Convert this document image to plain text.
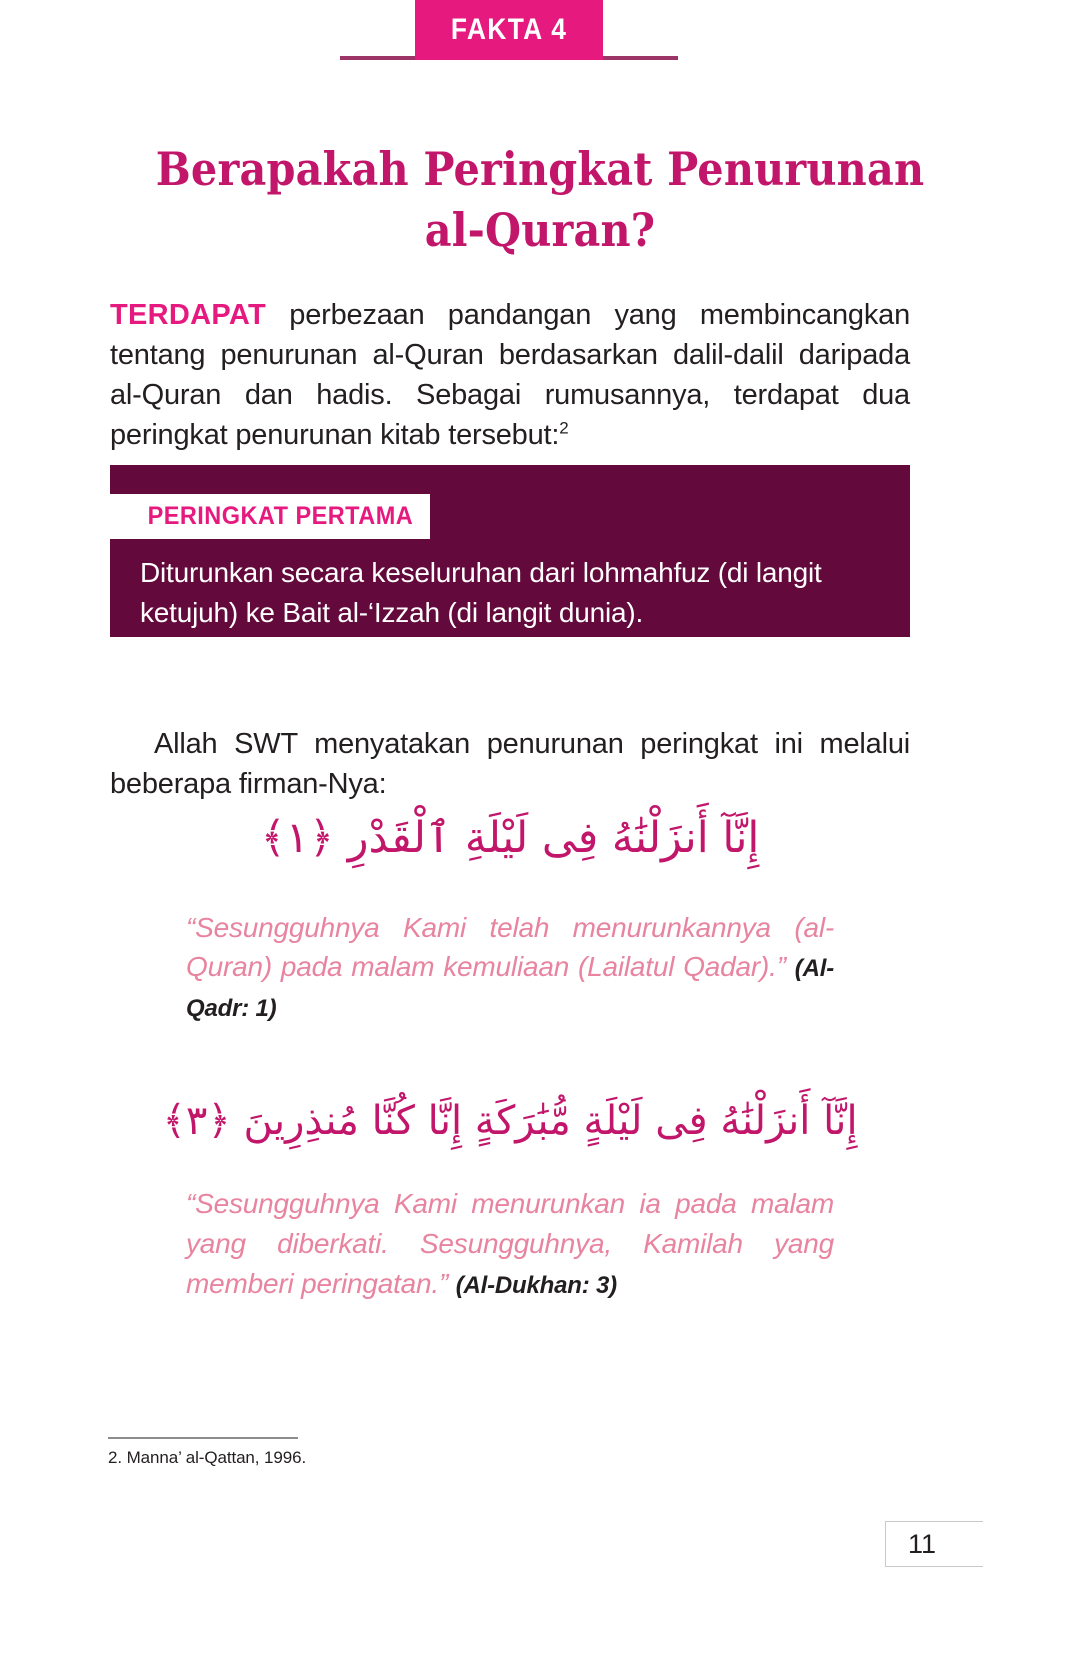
FAKTA 4
Berapakah Peringkat Penurunan
al-Quran?

TERDAPAT perbezaan pandangan yang membincangkan tentang penurunan al-Quran berdasarkan dalil-dalil daripada al-Quran dan hadis. Sebagai rumusannya, terdapat dua peringkat penurunan kitab tersebut:$^2$

PERINGKAT PERTAMA
Diturunkan secara keseluruhan dari lohmahfuz (di langit ketujuh) ke Bait al-‘Izzah (di langit dunia).

Allah SWT menyatakan penurunan peringkat ini melalui beberapa firman-Nya:

إِنَّآ أَنزَلْنَٰهُ فِى لَيْلَةِ ٱلْقَدْرِ ﴿١﴾

“Sesungguhnya Kami telah menurunkannya (al-Quran) pada malam kemuliaan (Lailatul Qadar).” (Al-Qadr: 1)

إِنَّآ أَنزَلْنَٰهُ فِى لَيْلَةٍ مُّبَٰرَكَةٍ إِنَّا كُنَّا مُنذِرِينَ ﴿٣﴾

“Sesungguhnya Kami menurunkan ia pada malam yang diberkati. Sesungguhnya, Kamilah yang memberi peringatan.” (Al-Dukhan: 3)

2. Manna’ al-Qattan, 1996.
11
